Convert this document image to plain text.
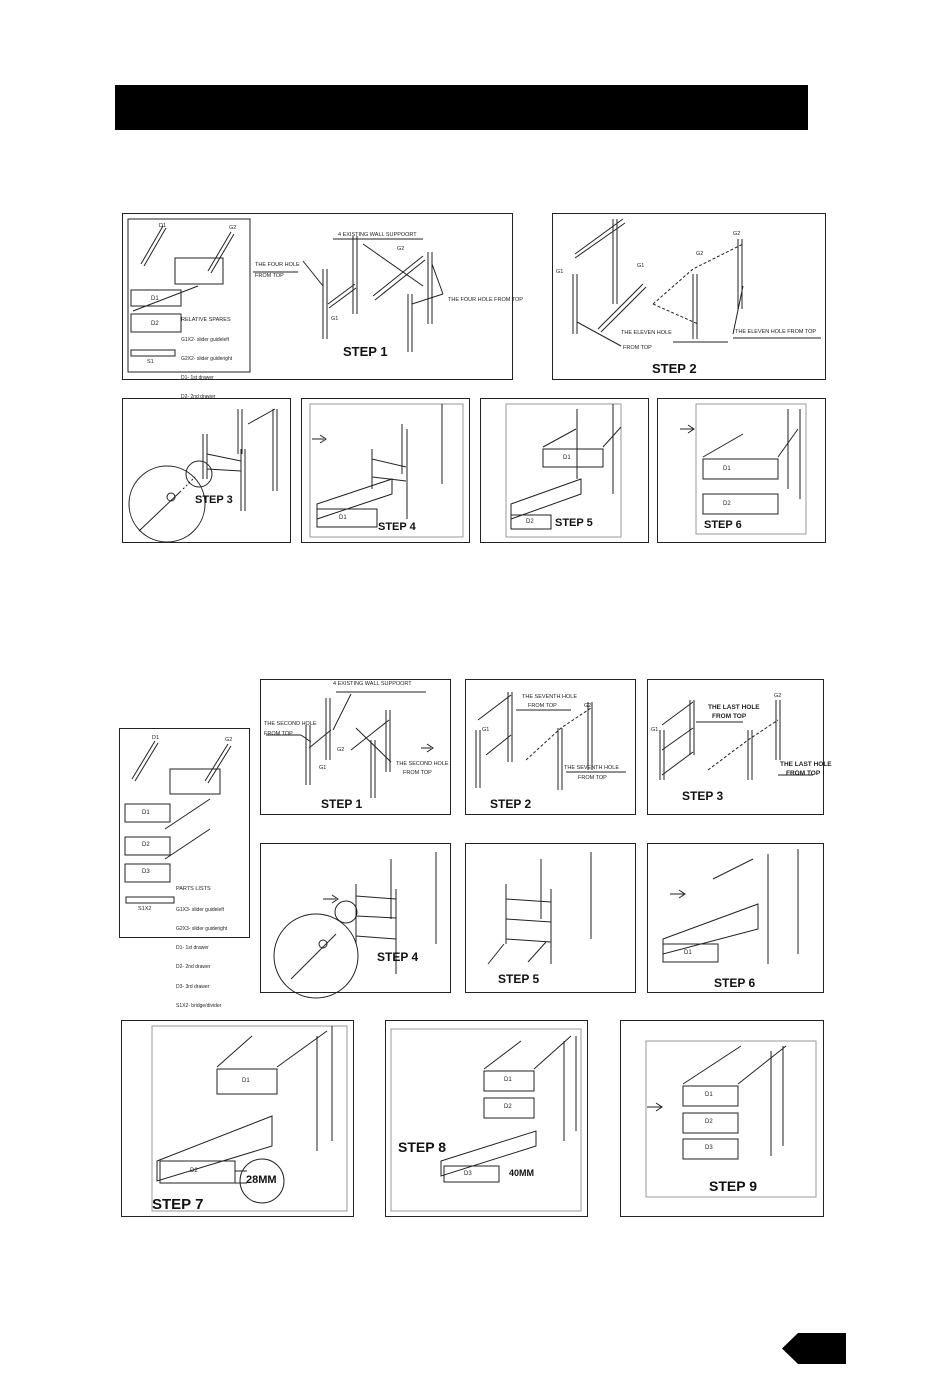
D1	G2
D1
D2
S1
RELATIVE SPARES

G1X2- slider guideleft

G2X2- slider guideright

D1- 1st drawer

4 EXISTING WALL SUPPOORT
THE FOUR HOLE
FROM TOP
THE FOUR HOLE FROM TOP
G1
G2
STEP 1
G1
G1
G2
G2
THE ELEVEN HOLE
FROM TOP
THE ELEVEN HOLE FROM TOP
STEP 2
STEP 3
D1
STEP 4
D1
D2 STEP 5
D1
D2
STEP 6
D1	G2
D1
D2
D3
S1X2
PARTS LISTS

G1X3- slider guideleft

G2X3- slider guideright

D1- 1st drawer

D2- 2nd drawer

D3- 3rd drawer

S1X2- bridge/divider

4 EXISTING WALL SUPPOORT
THE SECOND HOLE
FROM TOP
THE SECOND HOLE
FROM TOP
G1
G2
STEP 1
THE SEVENTH HOLE
FROM TOP
THE SEVENTH HOLE
FROM TOP
G1
G2
STEP 2
THE LAST HOLE
FROM TOP
THE LAST HOLE
FROM TOP
G1
G2
STEP 3
STEP 4
STEP 5
D1
STEP 6
D1
D2
28MM
STEP 7
D1
D2
D3	40MM
STEP 8
D1
D2
D3
STEP 9
